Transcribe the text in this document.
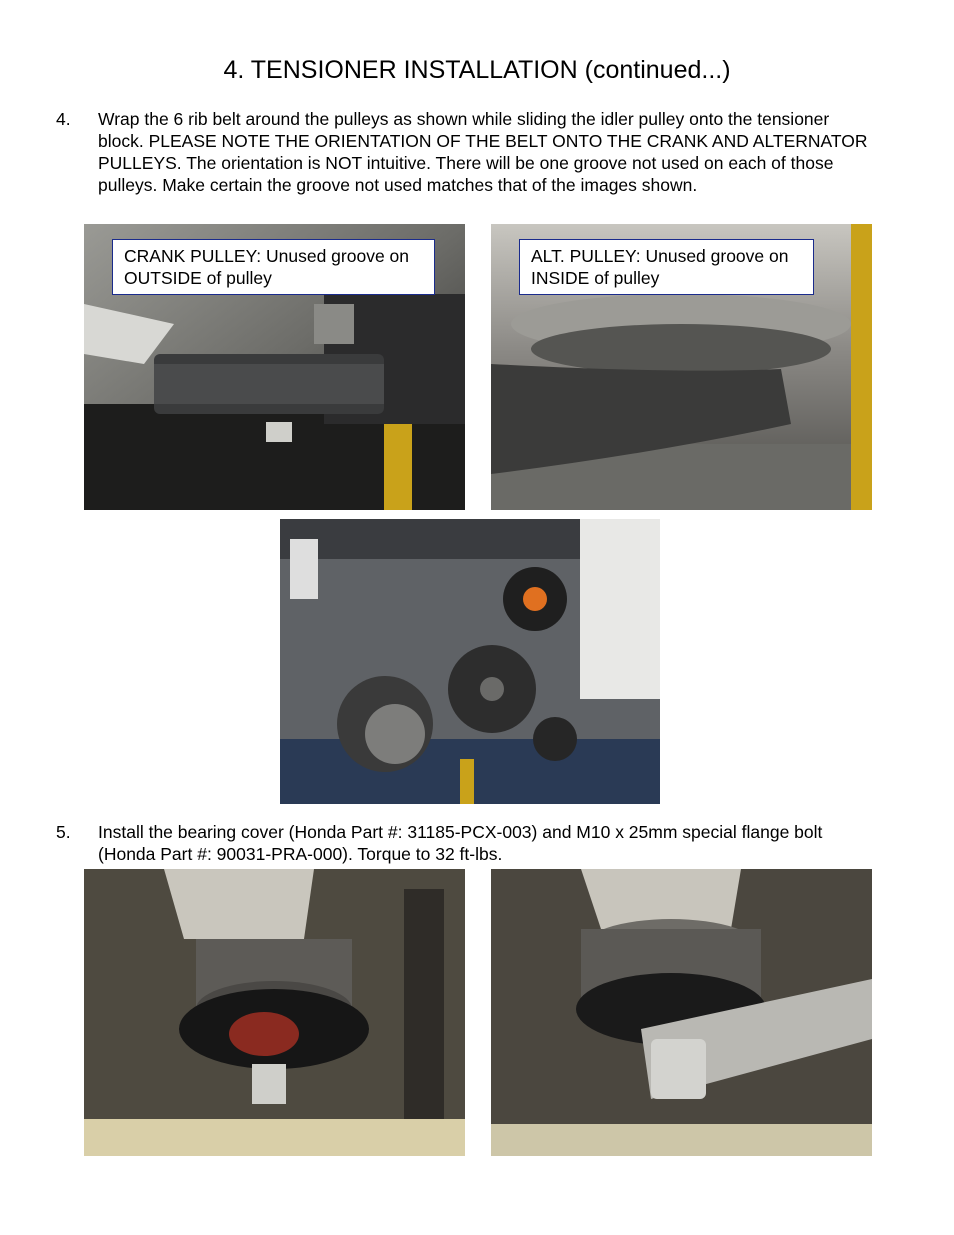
4. TENSIONER INSTALLATION (continued...)
4. Wrap the 6 rib belt around the pulleys as shown while sliding the idler pulley onto the tensioner block. PLEASE NOTE THE ORIENTATION OF THE BELT ONTO THE CRANK AND ALTERNATOR PULLEYS. The orientation is NOT intuitive. There will be one groove not used on each of those pulleys. Make certain the groove not used matches that of the images shown.
CRANK PULLEY: Unused groove on OUTSIDE of pulley
ALT. PULLEY: Unused groove on INSIDE of pulley
5. Install the bearing cover (Honda Part #: 31185-PCX-003) and M10 x 25mm special flange bolt (Honda Part #: 90031-PRA-000). Torque to 32 ft-lbs.
